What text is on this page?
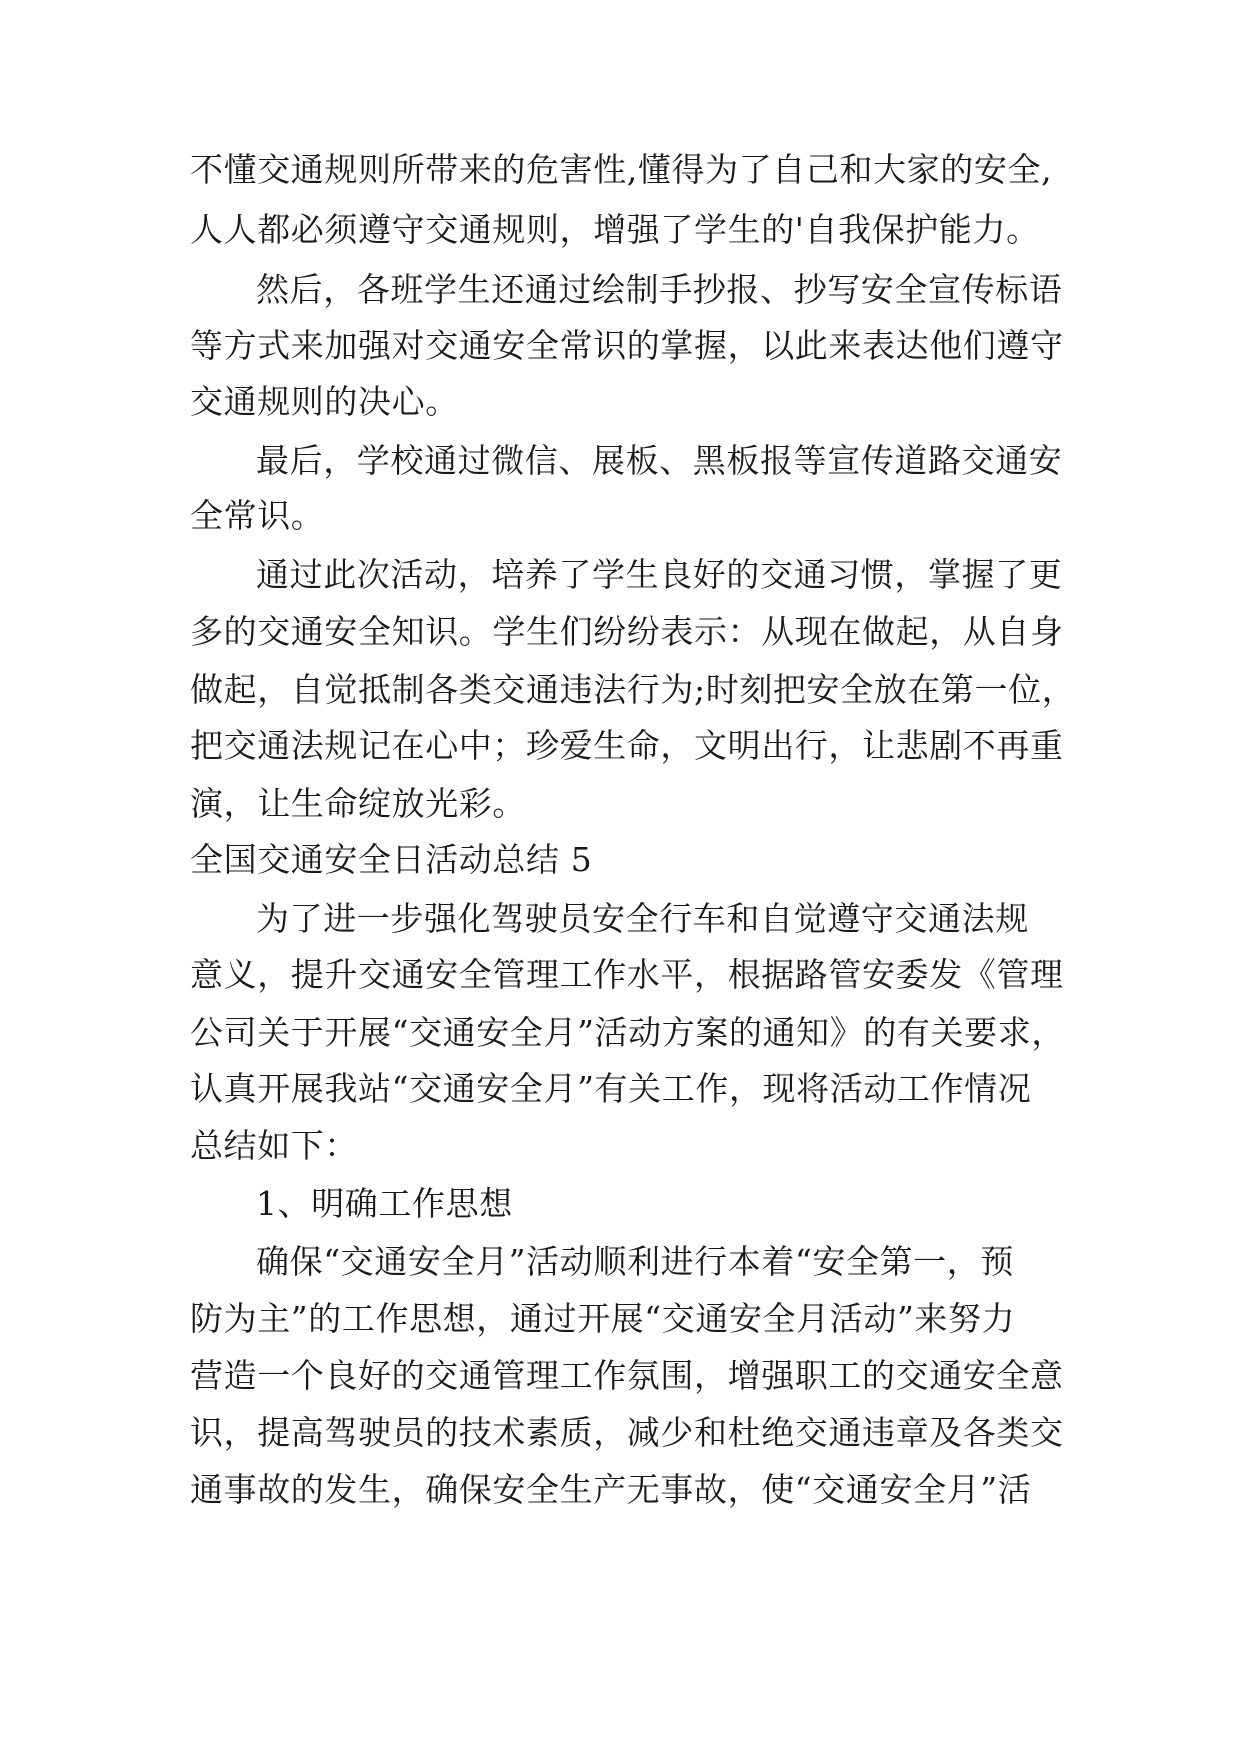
不懂交通规则所带来的危害性,懂得为了自己和大家的安全,
人人都必须遵守交通规则，增强了学生的'自我保护能力。
然后，各班学生还通过绘制手抄报、抄写安全宣传标语
等方式来加强对交通安全常识的掌握，以此来表达他们遵守
交通规则的决心。
最后，学校通过微信、展板、黑板报等宣传道路交通安
全常识。
通过此次活动，培养了学生良好的交通习惯，掌握了更
多的交通安全知识。学生们纷纷表示：从现在做起，从自身
做起，自觉抵制各类交通违法行为;时刻把安全放在第一位，
把交通法规记在心中；珍爱生命，文明出行，让悲剧不再重
演，让生命绽放光彩。
全国交通安全日活动总结 5
为了进一步强化驾驶员安全行车和自觉遵守交通法规
意义，提升交通安全管理工作水平，根据路管安委发《管理
公司关于开展“交通安全月”活动方案的通知》的有关要求，
认真开展我站“交通安全月”有关工作，现将活动工作情况
总结如下：
1、明确工作思想
确保“交通安全月”活动顺利进行本着“安全第一，预
防为主”的工作思想，通过开展“交通安全月活动”来努力
营造一个良好的交通管理工作氛围，增强职工的交通安全意
识，提高驾驶员的技术素质，减少和杜绝交通违章及各类交
通事故的发生，确保安全生产无事故，使“交通安全月”活
